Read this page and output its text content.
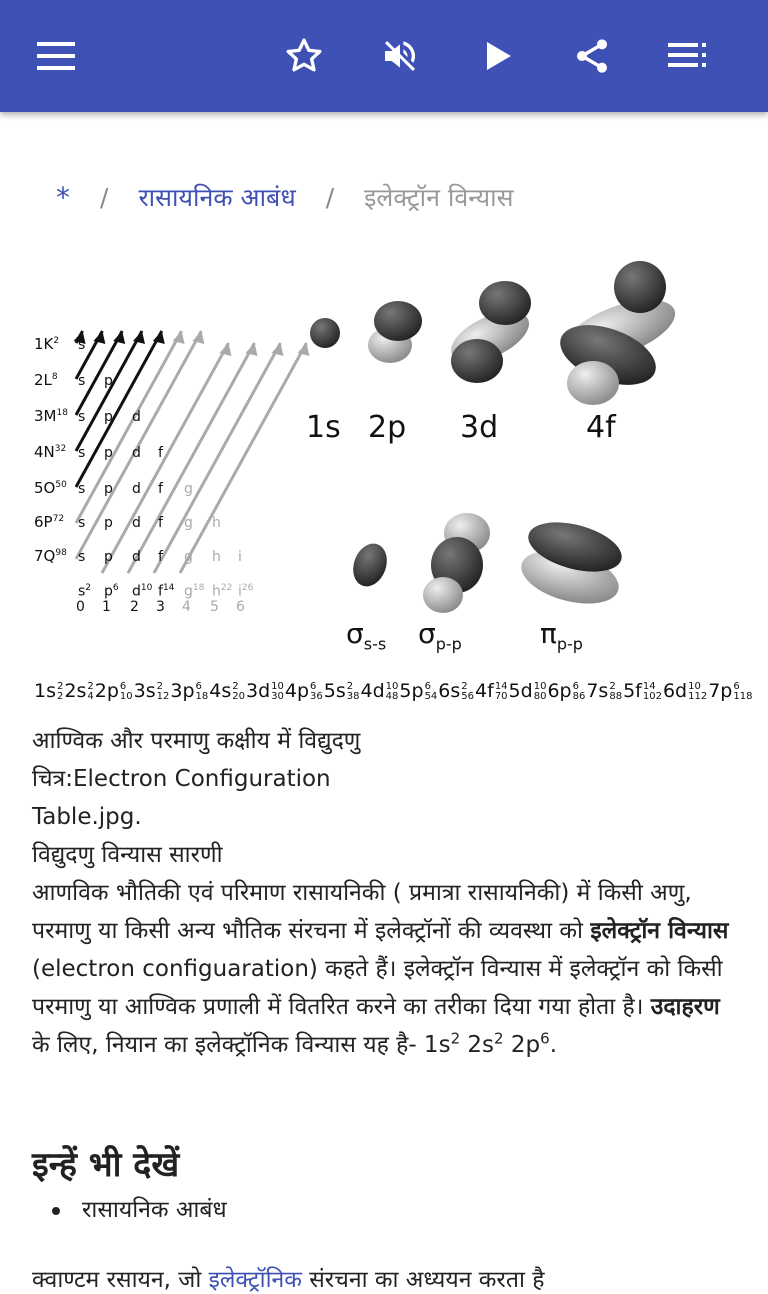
* / रासायनिक आबंध / इलेक्ट्रॉन विन्यास
$1K^2$
$2L^8$
$3M^{18}$
$4N^{32}$
$5O^{50}$
$6P^{72}$
$7Q^{98}$
s
s p
s p d
s p d f
s p d f g
s p d f g h
s p d f g h i
$s^2$
0
$p^6$
1
$d^{10}$
2
$f^{14}$
3
$g^{18}$
4
$h^{22}$
5
$i^{26}$
6
1s 2p 3d	4f
$\sigma_{s-s}$ $\sigma_{p-p}$	$\pi_{p-p}$
1s 2
2 2s 2
4 2p 6
10 3s 2
12 3p 6
18 4s 2
20 3d 10
30 4p 6
36 5s 2
38 4d 10
48 5p 6
54 6s 2
56 4f 14
70 5d 10
80 6p 6
86 7s 2
88 5f 14
102 6d 10
112 7p 6
118

आण्विक और परमाणु कक्षीय में विद्युदणु

चित्र:Electron Configuration

Table.jpg.

विद्युदणु विन्यास सारणी

आणविक भौतिकी एवं परिमाण रासायनिकी ( प्रमात्रा रासायनिकी) में किसी अणु, परमाणु या किसी अन्य भौतिक संरचना में इलेक्ट्रॉनों की व्यवस्था को इलेक्ट्रॉन विन्यास (electron configuaration) कहते हैं। इलेक्ट्रॉन विन्यास में इलेक्ट्रॉन को किसी परमाणु या आण्विक प्रणाली में वितरित करने का तरीका दिया गया होता है। उदाहरण के लिए, नियान का इलेक्ट्रॉनिक विन्यास यह है- $1s^2$ $2s^2$ $2p^6$.

इन्हें भी देखें
रासायनिक आबंध
क्वाण्टम रसायन, जो इलेक्ट्रॉनिक संरचना का अध्ययन करता है
